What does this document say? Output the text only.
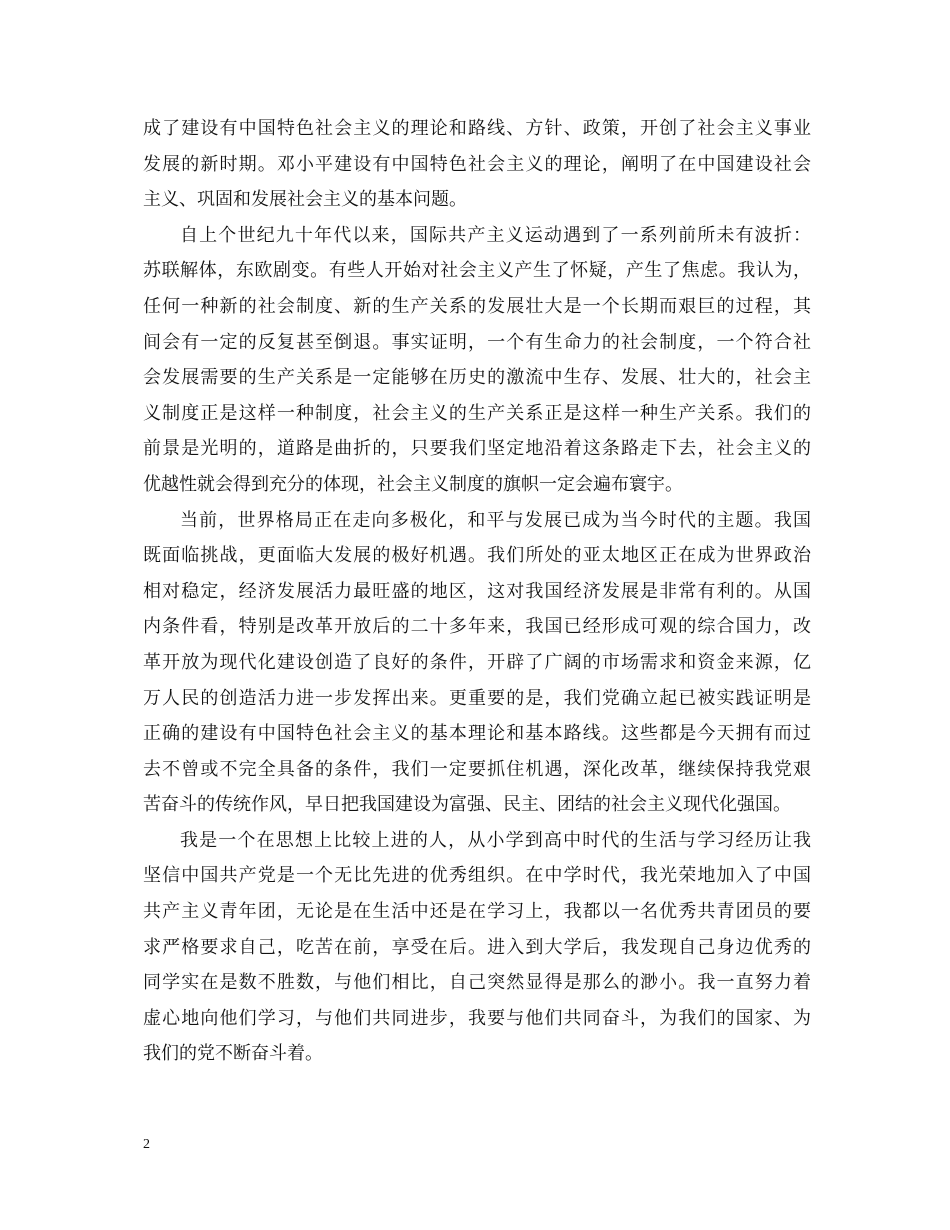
成了建设有中国特色社会主义的理论和路线、方针、政策，开创了社会主义事业
发展的新时期。邓小平建设有中国特色社会主义的理论，阐明了在中国建设社会
主义、巩固和发展社会主义的基本问题。
自上个世纪九十年代以来，国际共产主义运动遇到了一系列前所未有波折：
苏联解体，东欧剧变。有些人开始对社会主义产生了怀疑，产生了焦虑。我认为，
任何一种新的社会制度、新的生产关系的发展壮大是一个长期而艰巨的过程，其
间会有一定的反复甚至倒退。事实证明，一个有生命力的社会制度，一个符合社
会发展需要的生产关系是一定能够在历史的激流中生存、发展、壮大的，社会主
义制度正是这样一种制度，社会主义的生产关系正是这样一种生产关系。我们的
前景是光明的，道路是曲折的，只要我们坚定地沿着这条路走下去，社会主义的
优越性就会得到充分的体现，社会主义制度的旗帜一定会遍布寰宇。
当前，世界格局正在走向多极化，和平与发展已成为当今时代的主题。我国
既面临挑战，更面临大发展的极好机遇。我们所处的亚太地区正在成为世界政治
相对稳定，经济发展活力最旺盛的地区，这对我国经济发展是非常有利的。从国
内条件看，特别是改革开放后的二十多年来，我国已经形成可观的综合国力，改
革开放为现代化建设创造了良好的条件，开辟了广阔的市场需求和资金来源，亿
万人民的创造活力进一步发挥出来。更重要的是，我们党确立起已被实践证明是
正确的建设有中国特色社会主义的基本理论和基本路线。这些都是今天拥有而过
去不曾或不完全具备的条件，我们一定要抓住机遇，深化改革，继续保持我党艰
苦奋斗的传统作风，早日把我国建设为富强、民主、团结的社会主义现代化强国。
我是一个在思想上比较上进的人，从小学到高中时代的生活与学习经历让我
坚信中国共产党是一个无比先进的优秀组织。在中学时代，我光荣地加入了中国
共产主义青年团，无论是在生活中还是在学习上，我都以一名优秀共青团员的要
求严格要求自己，吃苦在前，享受在后。进入到大学后，我发现自己身边优秀的
同学实在是数不胜数，与他们相比，自己突然显得是那么的渺小。我一直努力着
虚心地向他们学习，与他们共同进步，我要与他们共同奋斗，为我们的国家、为
我们的党不断奋斗着。
2
